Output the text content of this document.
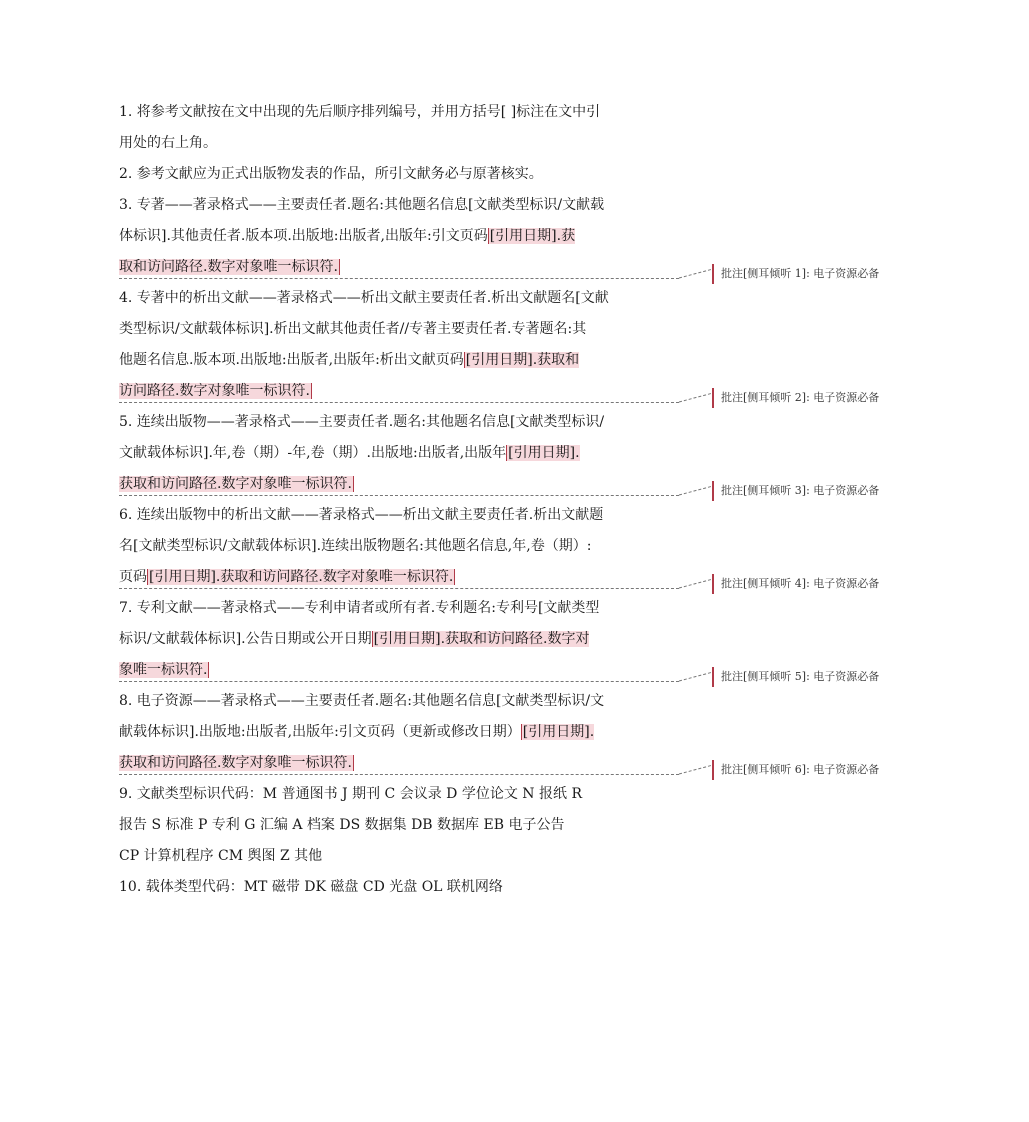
1. 将参考文献按在文中出现的先后顺序排列编号，并用方括号[ ]标注在文中引
用处的右上角。
2. 参考文献应为正式出版物发表的作品，所引文献务必与原著核实。
3. 专著——著录格式——主要责任者.题名:其他题名信息[文献类型标识/文献载
体标识].其他责任者.版本项.出版地:出版者,出版年:引文页码 [引用日期].获
取和访问路径.数字对象唯一标识符.
4. 专著中的析出文献——著录格式——析出文献主要责任者.析出文献题名[文献
类型标识/文献载体标识].析出文献其他责任者//专著主要责任者.专著题名:其
他题名信息.版本项.出版地:出版者,出版年:析出文献页码 [引用日期].获取和
访问路径.数字对象唯一标识符.
5. 连续出版物——著录格式——主要责任者.题名:其他题名信息[文献类型标识/
文献载体标识].年,卷（期）-年,卷（期）.出版地:出版者,出版年 [引用日期].
获取和访问路径.数字对象唯一标识符.
6. 连续出版物中的析出文献——著录格式——析出文献主要责任者.析出文献题
名[文献类型标识/文献载体标识].连续出版物题名:其他题名信息,年,卷（期）:
页码 [引用日期].获取和访问路径.数字对象唯一标识符.
7. 专利文献——著录格式——专利申请者或所有者.专利题名:专利号[文献类型
标识/文献载体标识].公告日期或公开日期 [引用日期].获取和访问路径.数字对
象唯一标识符.
8. 电子资源——著录格式——主要责任者.题名:其他题名信息[文献类型标识/文
献载体标识].出版地:出版者,出版年:引文页码（更新或修改日期） [引用日期].
获取和访问路径.数字对象唯一标识符.
9. 文献类型标识代码：M 普通图书 J 期刊 C 会议录 D 学位论文 N 报纸 R
报告 S 标准 P 专利 G 汇编 A 档案 DS 数据集 DB 数据库 EB 电子公告
CP 计算机程序 CM 舆图 Z 其他
10. 载体类型代码：MT 磁带 DK 磁盘 CD 光盘 OL 联机网络
批注[侧耳倾听 1]: 电子资源必备
批注[侧耳倾听 2]: 电子资源必备
批注[侧耳倾听 3]: 电子资源必备
批注[侧耳倾听 4]: 电子资源必备
批注[侧耳倾听 5]: 电子资源必备
批注[侧耳倾听 6]: 电子资源必备
